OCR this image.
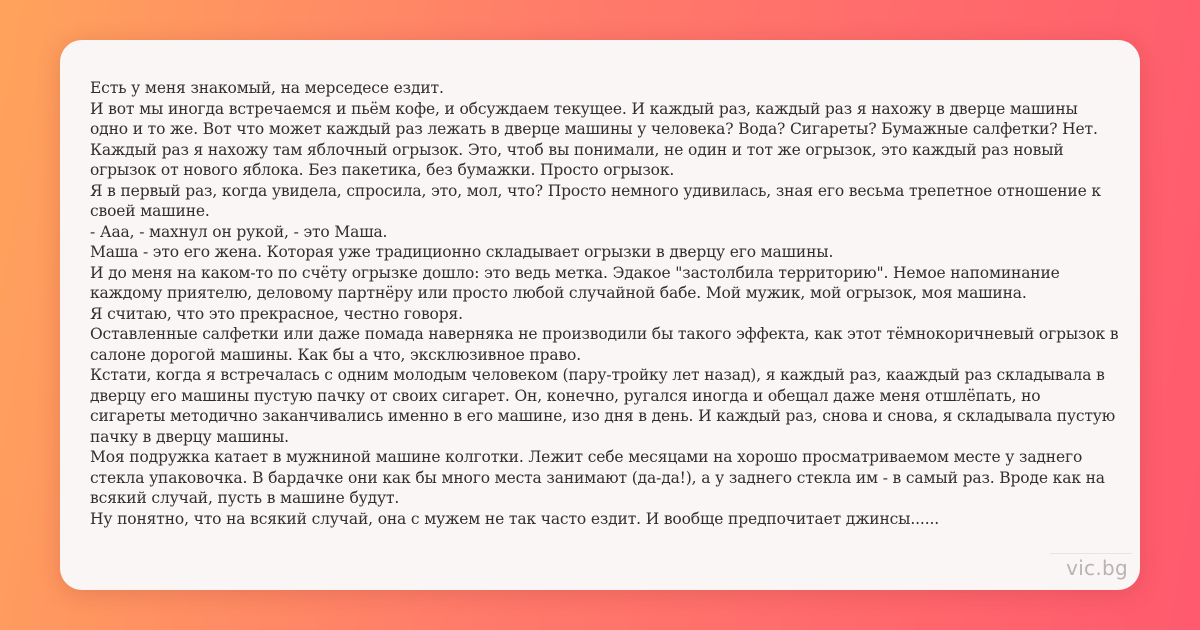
Есть у меня знакомый, на мерседесе ездит.

И вот мы иногда встречаемся и пьём кофе, и обсуждаем текущее. И каждый раз, каждый раз я нахожу в дверце машины одно и то же. Вот что может каждый раз лежать в дверце машины у человека? Вода? Сигареты? Бумажные салфетки? Нет.

Каждый раз я нахожу там яблочный огрызок. Это, чтоб вы понимали, не один и тот же огрызок, это каждый раз новый огрызок от нового яблока. Без пакетика, без бумажки. Просто огрызок.

Я в первый раз, когда увидела, спросила, это, мол, что? Просто немного удивилась, зная его весьма трепетное отношение к своей машине.

- Ааа, - махнул он рукой, - это Маша.

Маша - это его жена. Которая уже традиционно складывает огрызки в дверцу его машины.

И до меня на каком-то по счёту огрызке дошло: это ведь метка. Эдакое "застолбила территорию". Немое напоминание каждому приятелю, деловому партнёру или просто любой случайной бабе. Мой мужик, мой огрызок, моя машина.

Я считаю, что это прекрасное, честно говоря.

Оставленные салфетки или даже помада наверняка не производили бы такого эффекта, как этот тёмнокоричневый огрызок в салоне дорогой машины. Как бы а что, эксклюзивное право.

Кстати, когда я встречалась с одним молодым человеком (пару-тройку лет назад), я каждый раз, кааждый раз складывала в дверцу его машины пустую пачку от своих сигарет. Он, конечно, ругался иногда и обещал даже меня отшлёпать, но сигареты методично заканчивались именно в его машине, изо дня в день. И каждый раз, снова и снова, я складывала пустую пачку в дверцу машины.

Моя подружка катает в мужниной машине колготки. Лежит себе месяцами на хорошо просматриваемом месте у заднего стекла упаковочка. В бардачке они как бы много места занимают (да-да!), а у заднего стекла им - в самый раз. Вроде как на всякий случай, пусть в машине будут.

Ну понятно, что на всякий случай, она с мужем не так часто ездит. И вообще предпочитает джинсы......

vic.bg
